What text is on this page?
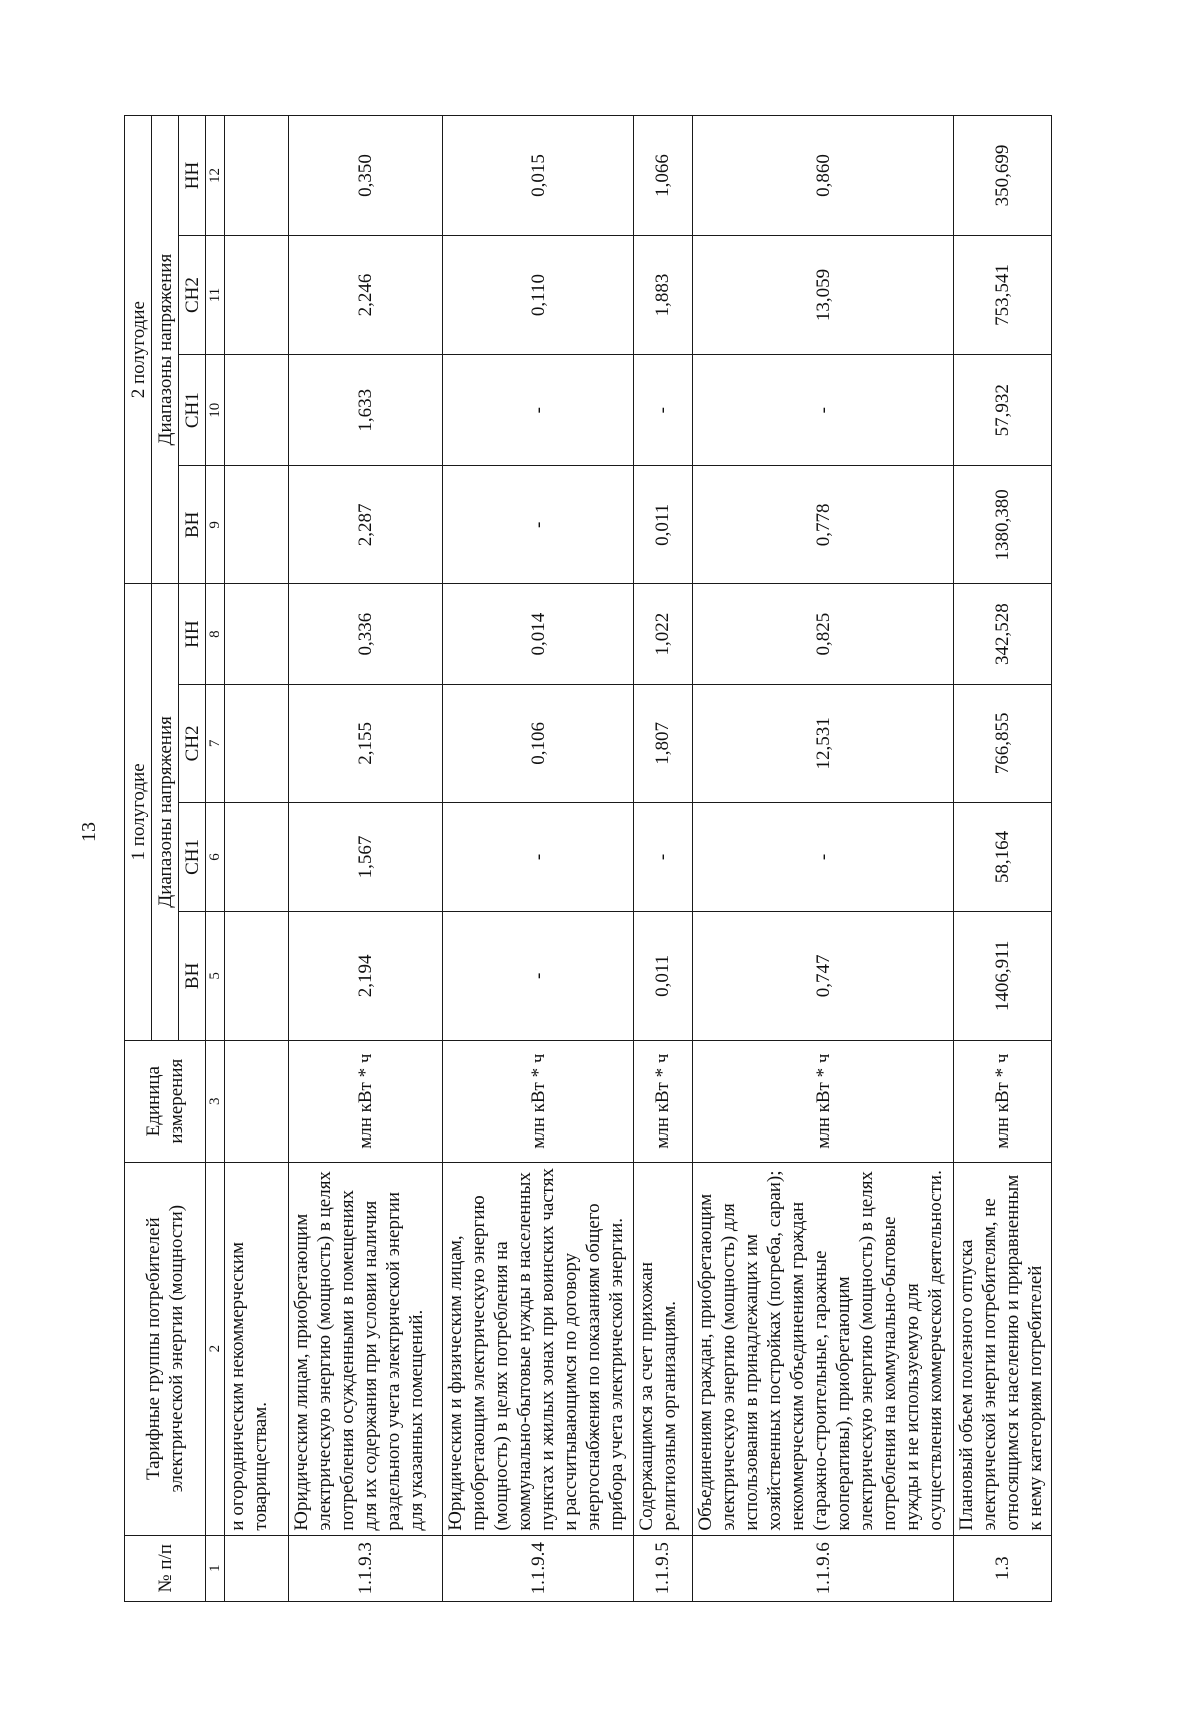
13
№ п/п	Тарифные группы потребителей электрической энергии (мощности)	Единица измерения	1 полугодие				2 полугодие			
			Диапазоны напряжения				Диапазоны напряжения			
			ВН	СН1	СН2	НН	ВН	СН1	СН2	НН
1	2	3	5	6	7	8	9	10	11	12
	и огородническим некоммерческим товариществам.									
1.1.9.3	Юридическим лицам, приобретающим электрическую энергию (мощность) в целях потребления осужденными в помещениях для их содержания при условии наличия раздельного учета электрической энергии для указанных помещений.	млн кВт * ч	2,194	1,567	2,155	0,336	2,287	1,633	2,246	0,350
1.1.9.4	Юридическим и физическим лицам, приобретающим электрическую энергию (мощность) в целях потребления на коммунально-бытовые нужды в населенных пунктах и жилых зонах при воинских частях и рассчитывающимся по договору энергоснабжения по показаниям общего прибора учета электрической энергии.	млн кВт * ч	-	-	0,106	0,014	-	-	0,110	0,015
1.1.9.5	Содержащимся за счет прихожан религиозным организациям.	млн кВт * ч	0,011	-	1,807	1,022	0,011	-	1,883	1,066
1.1.9.6	Объединениям граждан, приобретающим электрическую энергию (мощность) для использования в принадлежащих им хозяйственных постройках (погреба, сараи); некоммерческим объединениям граждан (гаражно-строительные, гаражные кооперативы), приобретающим электрическую энергию (мощность) в целях потребления на коммунально-бытовые нужды и не используемую для осуществления коммерческой деятельности.	млн кВт * ч	0,747	-	12,531	0,825	0,778	-	13,059	0,860
1.3	Плановый объем полезного отпуска электрической энергии потребителям, не относящимся к населению и приравненным к нему категориям потребителей	млн кВт * ч	1406,911	58,164	766,855	342,528	1380,380	57,932	753,541	350,699
